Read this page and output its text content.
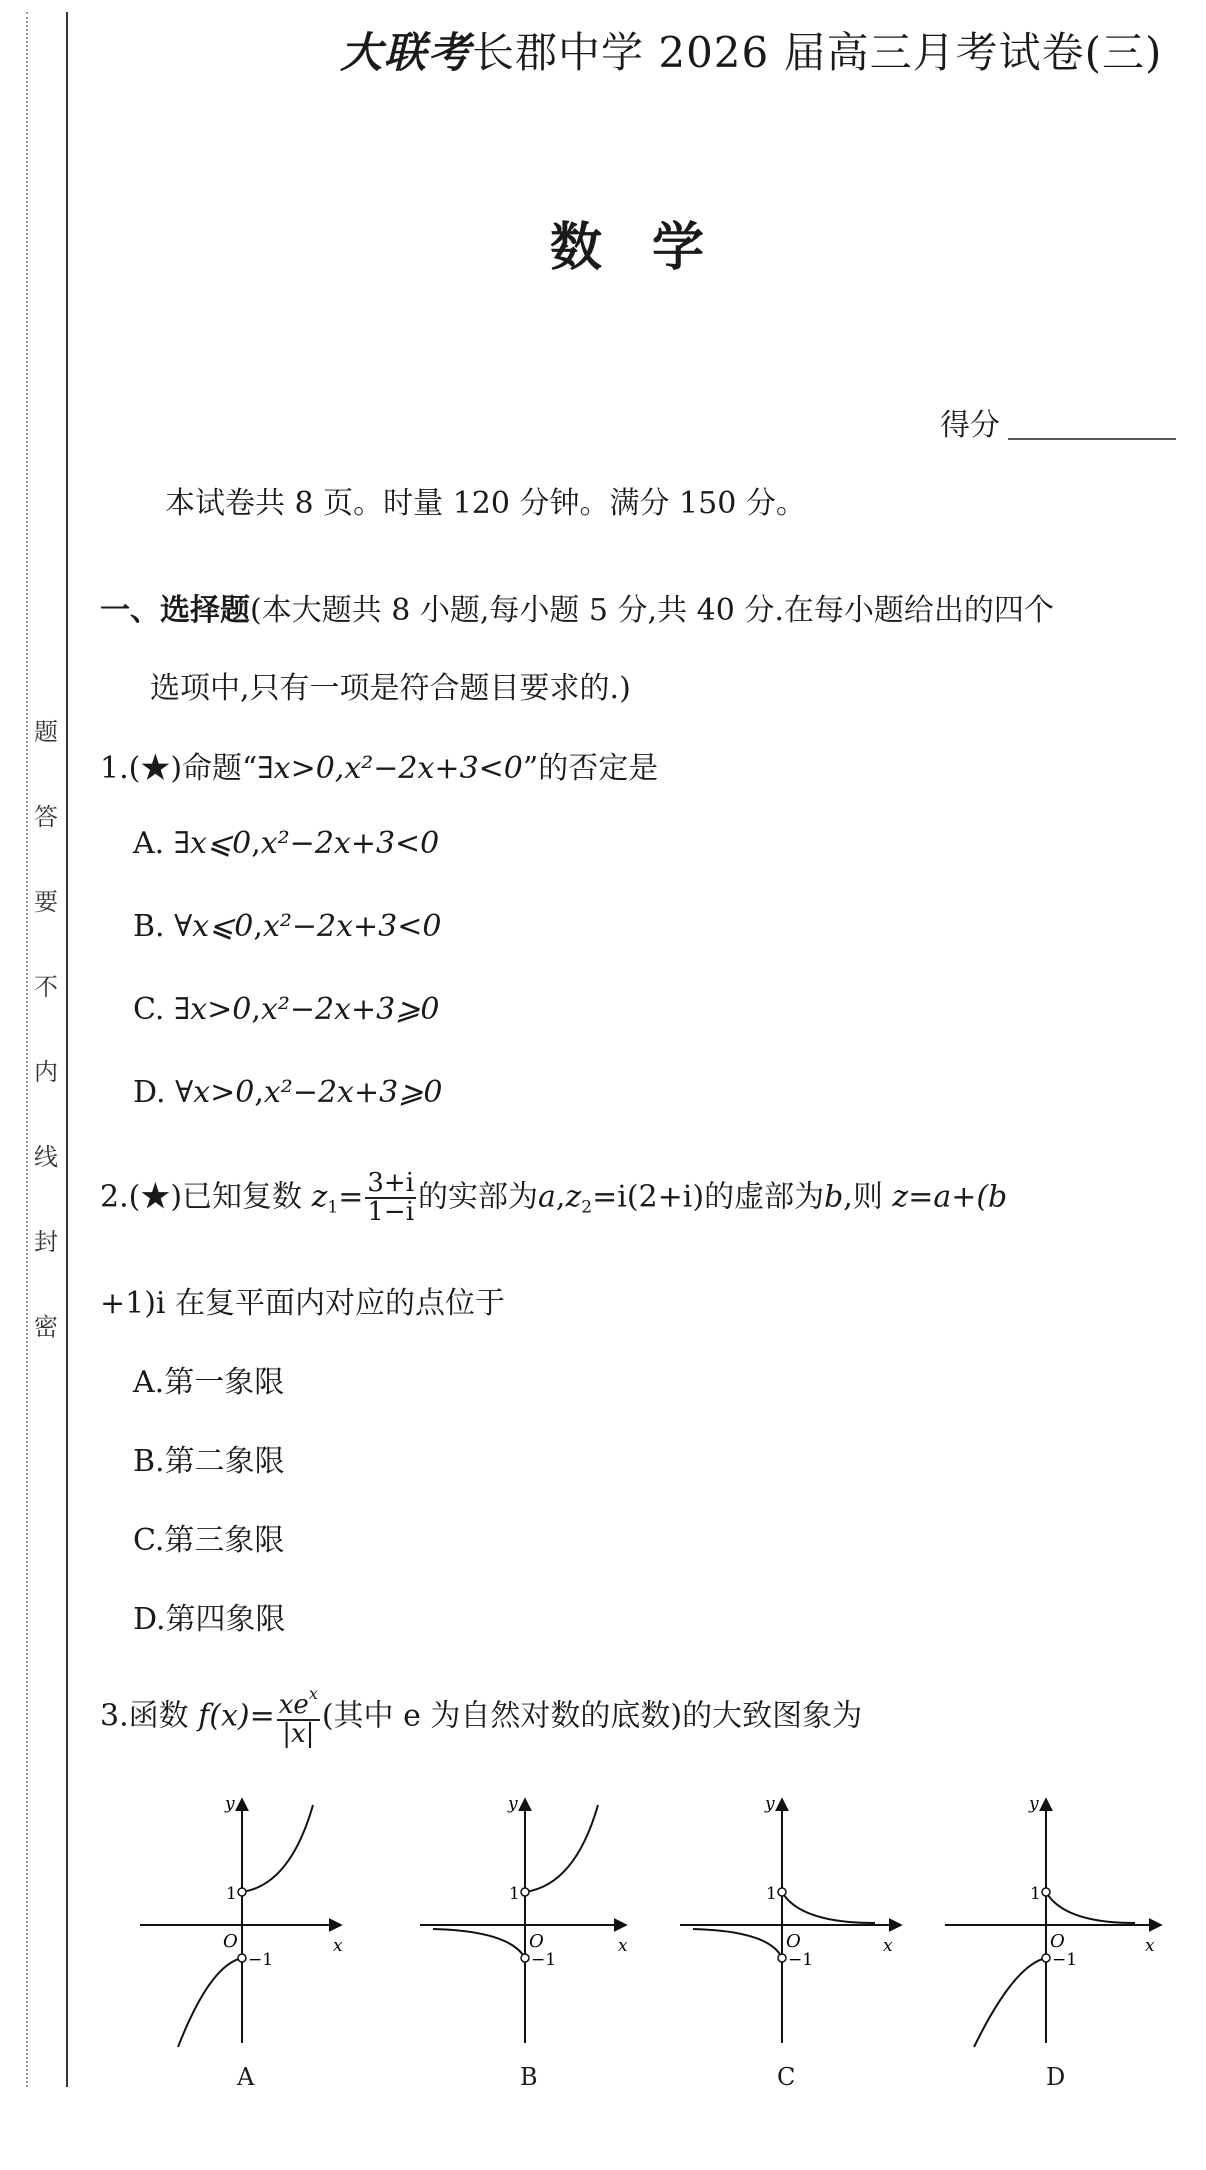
题
答
要
不
内
线
封
密
大联考长郡中学 2026 届高三月考试卷(三)
数学
得分
本试卷共 8 页。时量 120 分钟。满分 150 分。
一、选择题(本大题共 8 小题,每小题 5 分,共 40 分.在每小题给出的四个
选项中,只有一项是符合题目要求的.)
1.(★)命题“∃x>0,x²−2x+3<0”的否定是
A. ∃x⩽0,x²−2x+3<0
B. ∀x⩽0,x²−2x+3<0
C. ∃x>0,x²−2x+3⩾0
D. ∀x>0,x²−2x+3⩾0
2.(★)已知复数 $z_1= \frac{3+i}{1-i}$ 的实部为$a,z_2=i(2+i)$的虚部为b,则 z=a+(b
+1)i 在复平面内对应的点位于
A.第一象限
B.第二象限
C.第三象限
D.第四象限
3.函数 $f(x)= \frac{xe^x}{|x|}$ (其中 e 为自然对数的底数)的大致图象为
y
x
O
1
−1
y
x
O
1
−1
y
x
O
1
−1
y
x
O
1
−1
A	B	C	D
